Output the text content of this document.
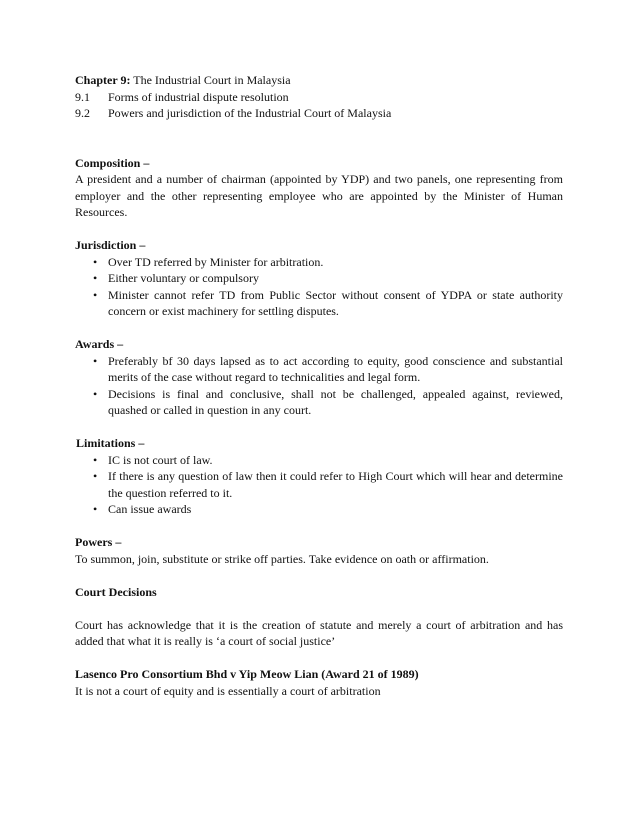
Chapter 9: The Industrial Court in Malaysia
9.1	Forms of industrial dispute resolution
9.2	Powers and jurisdiction of the Industrial Court of Malaysia
Composition –
A president and a number of chairman (appointed by YDP) and two panels, one representing from employer and the other representing employee who are appointed by the Minister of Human Resources.
Jurisdiction –
• Over TD referred by Minister for arbitration.
• Either voluntary or compulsory
• Minister cannot refer TD from Public Sector without consent of YDPA or state authority concern or exist machinery for settling disputes.
Awards –
• Preferably bf 30 days lapsed as to act according to equity, good conscience and substantial merits of the case without regard to technicalities and legal form.
• Decisions is final and conclusive, shall not be challenged, appealed against, reviewed, quashed or called in question in any court.
Limitations –
• IC is not court of law.
• If there is any question of law then it could refer to High Court which will hear and determine the question referred to it.
• Can issue awards
Powers –
To summon, join, substitute or strike off parties. Take evidence on oath or affirmation.
Court Decisions
Court has acknowledge that it is the creation of statute and merely a court of arbitration and has added that what it is really is ‘a court of social justice’
Lasenco Pro Consortium Bhd v Yip Meow Lian (Award 21 of 1989)
It is not a court of equity and is essentially a court of arbitration
